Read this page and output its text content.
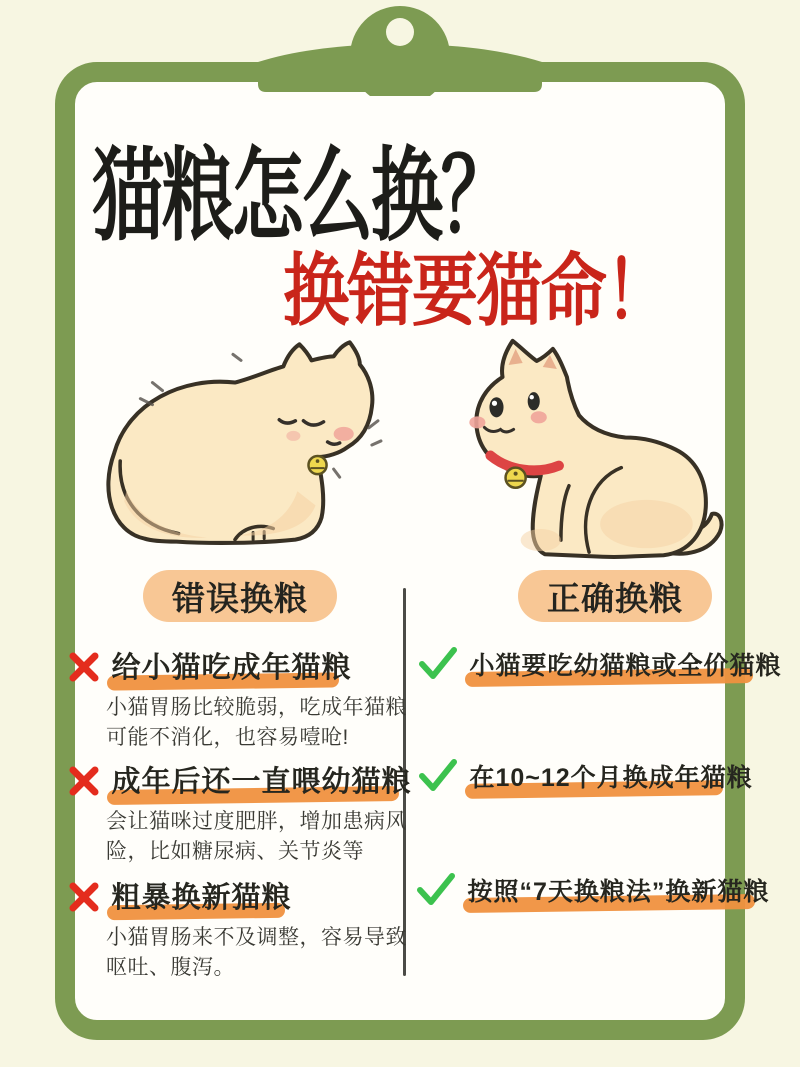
猫粮怎么换？
换错要猫命！
错误换粮	正确换粮

给小猫吃成年猫粮

小猫胃肠比较脆弱，吃成年猫粮可能不消化，也容易噎呛!

成年后还一直喂幼猫粮

会让猫咪过度肥胖，增加患病风险，比如糖尿病、关节炎等

粗暴换新猫粮

小猫胃肠来不及调整，容易导致呕吐、腹泻。

小猫要吃幼猫粮或全价猫粮

在10~12个月换成年猫粮

按照“7天换粮法”换新猫粮
